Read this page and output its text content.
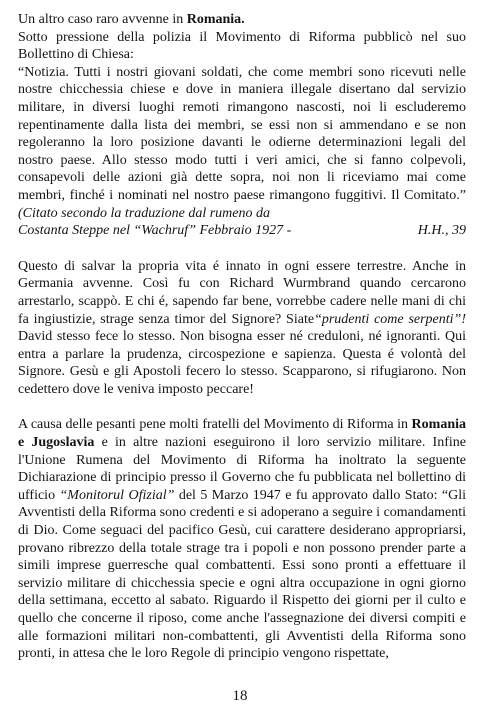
Un altro caso raro avvenne in Romania.
Sotto pressione della polizia il Movimento di Riforma pubblicò nel suo Bollettino di Chiesa:
“Notizia. Tutti i nostri giovani soldati, che come membri sono ricevuti nelle nostre chicchessia chiese e dove in maniera illegale disertano dal servizio militare, in diversi luoghi remoti rimangono nascosti, noi li escluderemo repentinamente dalla lista dei membri, se essi non si ammendano e se non regoleranno la loro posizione davanti le odierne determinazioni legali del nostro paese. Allo stesso modo tutti i veri amici, che si fanno colpevoli, consapevoli delle azioni già dette sopra, noi non li riceviamo mai come membri, finché i nominati nel nostro paese rimangono fuggitivi. Il Comitato.” (Citato secondo la traduzione dal rumeno da
Costanta Steppe nel “Wachruf” Febbraio 1927 -	H.H., 39

Questo di salvar la propria vita é innato in ogni essere terrestre. Anche in Germania avvenne. Così fu con Richard Wurmbrand quando cercarono arrestarlo, scappò. E chi é, sapendo far bene, vorrebbe cadere nelle mani di chi fa ingiustizie, strage senza timor del Signore? Siate“prudenti come serpenti”! David stesso fece lo stesso. Non bisogna esser né creduloni, né ignoranti. Qui entra a parlare la prudenza, circospezione e sapienza. Questa é volontà del Signore. Gesù e gli Apostoli fecero lo stesso. Scapparono, si rifugiarono. Non cedettero dove le veniva imposto peccare!

A causa delle pesanti pene molti fratelli del Movimento di Riforma in Romania e Jugoslavia e in altre nazioni eseguirono il loro servizio militare. Infine l'Unione Rumena del Movimento di Riforma ha inoltrato la seguente Dichiarazione di principio presso il Governo che fu pubblicata nel bollettino di ufficio “Monitorul Ofizial” del 5 Marzo 1947 e fu approvato dallo Stato: “Gli Avventisti della Riforma sono credenti e si adoperano a seguire i comandamenti di Dio. Come seguaci del pacifico Gesù, cui carattere desiderano appropriarsi, provano ribrezzo della totale strage tra i popoli e non possono prender parte a simili imprese guerresche qual combattenti. Essi sono pronti a effettuare il servizio militare di chicchessia specie e ogni altra occupazione in ogni giorno della settimana, eccetto al sabato. Riguardo il Rispetto dei giorni per il culto e quello che concerne il riposo, come anche l'assegnazione dei diversi compiti e alle formazioni militari non-combattenti, gli Avventisti della Riforma sono pronti, in attesa che le loro Regole di principio vengono rispettate,

18
